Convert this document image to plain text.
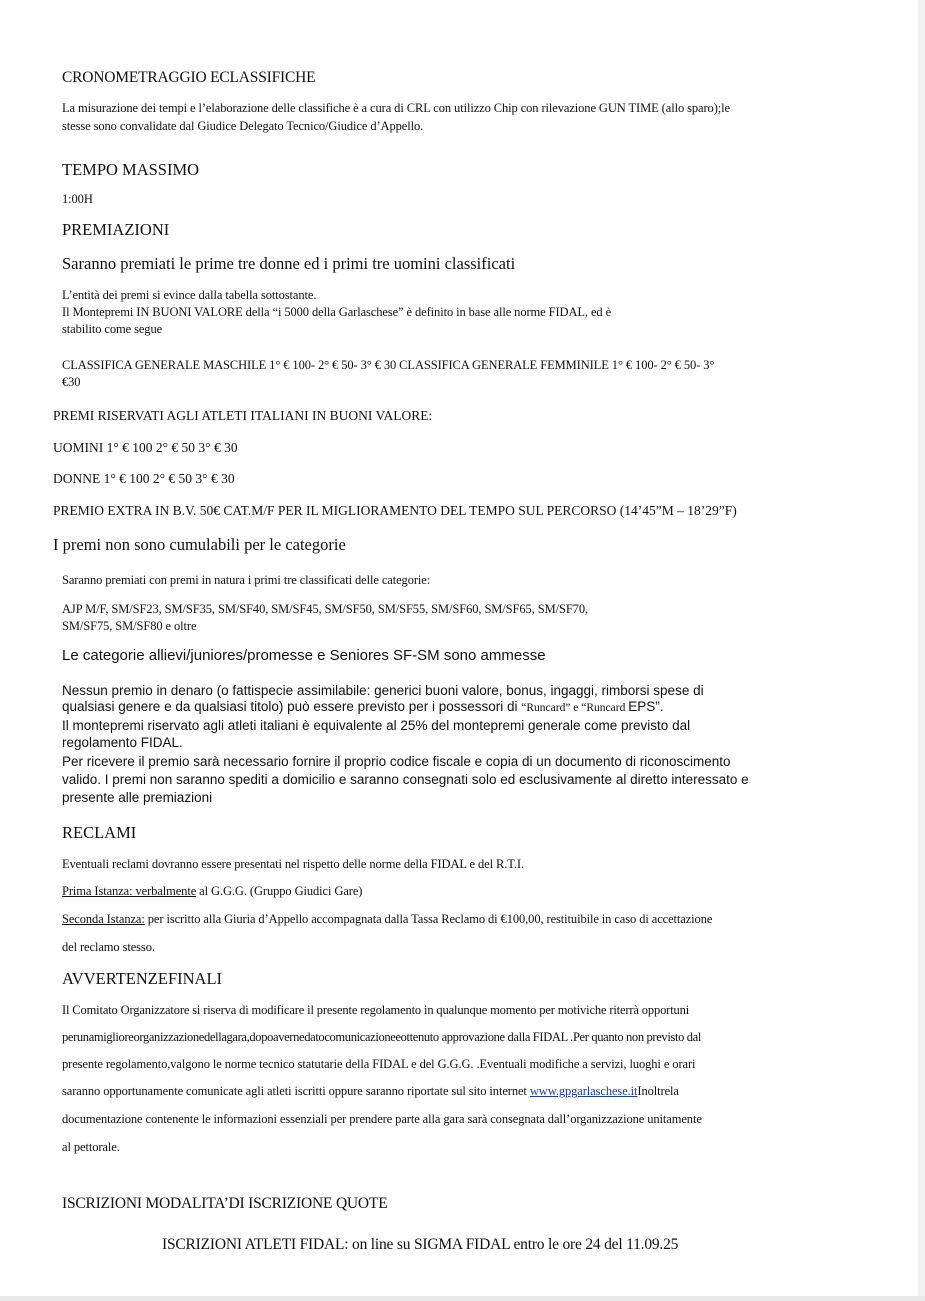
CRONOMETRAGGIO ECLASSIFICHE
La misurazione dei tempi e l’elaborazione delle classifiche è a cura di CRL con utilizzo Chip con rilevazione GUN TIME (allo sparo);le
stesse sono convalidate dal Giudice Delegato Tecnico/Giudice d’Appello.
TEMPO MASSIMO
1:00H
PREMIAZIONI
Saranno premiati le prime tre donne ed i primi tre uomini classificati
L’entità dei premi si evince dalla tabella sottostante.
Il Montepremi IN BUONI VALORE della “i 5000 della Garlaschese” è definito in base alle norme FIDAL, ed è
stabilito come segue
CLASSIFICA GENERALE MASCHILE 1° € 100- 2° € 50- 3° € 30 CLASSIFICA GENERALE FEMMINILE 1° € 100- 2° € 50- 3°
€30
PREMI RISERVATI AGLI ATLETI ITALIANI IN BUONI VALORE:
UOMINI 1° € 100 2° € 50 3° € 30
DONNE 1° € 100 2° € 50 3° € 30
PREMIO EXTRA IN B.V. 50€ CAT.M/F PER IL MIGLIORAMENTO DEL TEMPO SUL PERCORSO (14’45”M – 18’29”F)
I premi non sono cumulabili per le categorie
Saranno premiati con premi in natura i primi tre classificati delle categorie:
AJP M/F, SM/SF23, SM/SF35, SM/SF40, SM/SF45, SM/SF50, SM/SF55, SM/SF60, SM/SF65, SM/SF70,
SM/SF75, SM/SF80 e oltre
Le categorie allievi/juniores/promesse e Seniores SF-SM sono ammesse
Nessun premio in denaro (o fattispecie assimilabile: generici buoni valore, bonus, ingaggi, rimborsi spese di
qualsiasi genere e da qualsiasi titolo) può essere previsto per i possessori di “Runcard” e “Runcard EPS”.
Il montepremi riservato agli atleti italiani è equivalente al 25% del montepremi generale come previsto dal
regolamento FIDAL.
Per ricevere il premio sarà necessario fornire il proprio codice fiscale e copia di un documento di riconoscimento
valido. I premi non saranno spediti a domicilio e saranno consegnati solo ed esclusivamente al diretto interessato e
presente alle premiazioni
RECLAMI
Eventuali reclami dovranno essere presentati nel rispetto delle norme della FIDAL e del R.T.I.
Prima Istanza: verbalmente al G.G.G. (Gruppo Giudici Gare)
Seconda Istanza: per iscritto alla Giuria d’Appello accompagnata dalla Tassa Reclamo di €100,00, restituibile in caso di accettazione
del reclamo stesso.
AVVERTENZEFINALI
Il Comitato Organizzatore si riserva di modificare il presente regolamento in qualunque momento per motiviche riterrà opportuni
perunamiglioreorganizzazionedellagara,dopoavernedatocomunicazioneeottenuto approvazione dalla FIDAL .Per quanto non previsto dal
presente regolamento,valgono le norme tecnico statutarie della FIDAL e del G.G.G. .Eventuali modifiche a servizi, luoghi e orari
saranno opportunamente comunicate agli atleti iscritti oppure saranno riportate sul sito internet www.gpgarlaschese.itInoltrela
documentazione contenente le informazioni essenziali per prendere parte alla gara sarà consegnata dall’organizzazione unitamente
al pettorale.
ISCRIZIONI MODALITA’DI ISCRIZIONE QUOTE
ISCRIZIONI ATLETI FIDAL: on line su SIGMA FIDAL entro le ore 24 del 11.09.25
